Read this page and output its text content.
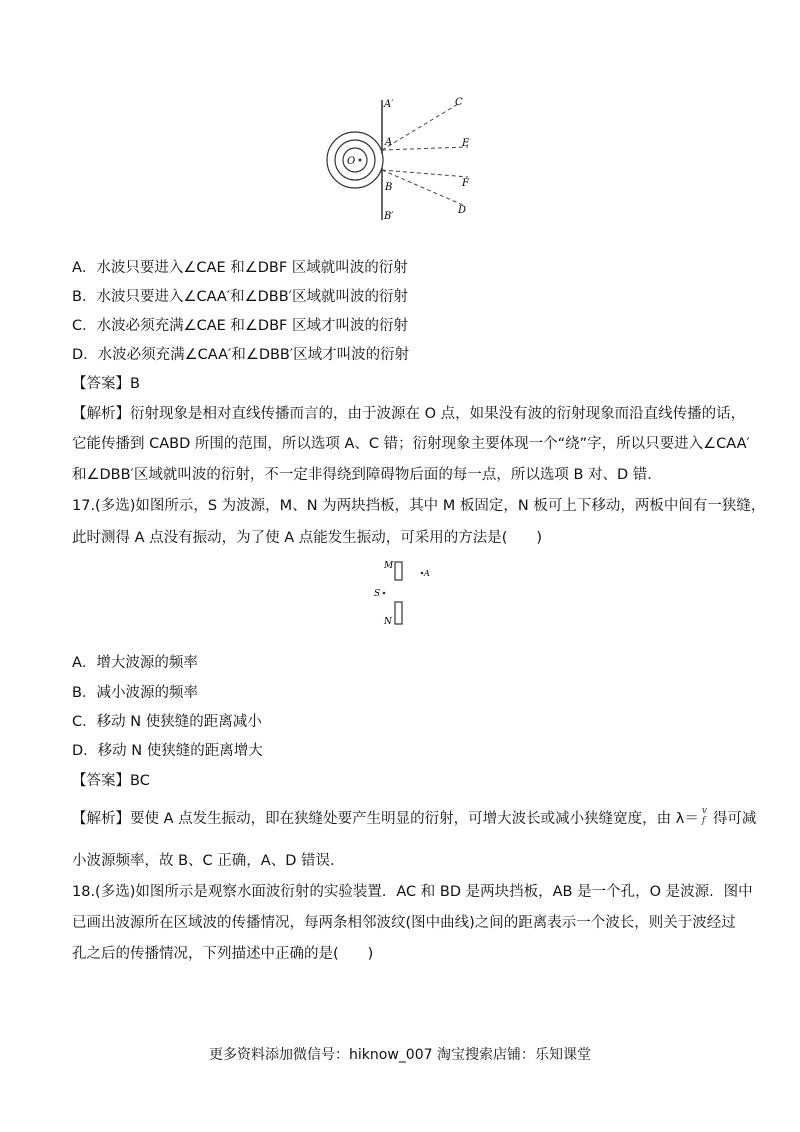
A′	C
A	E
O
F
B
D
B′
A．水波只要进入∠CAE 和∠DBF 区域就叫波的衍射
B．水波只要进入∠CAA′和∠DBB′区域就叫波的衍射
C．水波必须充满∠CAE 和∠DBF 区域才叫波的衍射
D．水波必须充满∠CAA′和∠DBB′区域才叫波的衍射
【答案】B
【解析】衍射现象是相对直线传播而言的，由于波源在 O 点，如果没有波的衍射现象而沿直线传播的话，
它能传播到 CABD 所围的范围，所以选项 A、C 错；衍射现象主要体现一个“绕”字，所以只要进入∠CAA′
和∠DBB′区域就叫波的衍射，不一定非得绕到障碍物后面的每一点，所以选项 B 对、D 错．
17.(多选)如图所示，S 为波源，M、N 为两块挡板，其中 M 板固定，N 板可上下移动，两板中间有一狭缝，
此时测得 A 点没有振动，为了使 A 点能发生振动，可采用的方法是(　　)
M
A
S
N
A．增大波源的频率
B．减小波源的频率
C．移动 N 使狭缝的距离减小
D．移动 N 使狭缝的距离增大
【答案】BC
【解析】要使 A 点发生振动，即在狭缝处要产生明显的衍射，可增大波长或减小狭缝宽度，由 λ＝ v
f 得可减
小波源频率，故 B、C 正确，A、D 错误．
18.(多选)如图所示是观察水面波衍射的实验装置．AC 和 BD 是两块挡板，AB 是一个孔，O 是波源．图中
已画出波源所在区域波的传播情况，每两条相邻波纹(图中曲线)之间的距离表示一个波长，则关于波经过
孔之后的传播情况，下列描述中正确的是(　　)
更多资料添加微信号：hiknow_007 淘宝搜索店铺：乐知课堂
